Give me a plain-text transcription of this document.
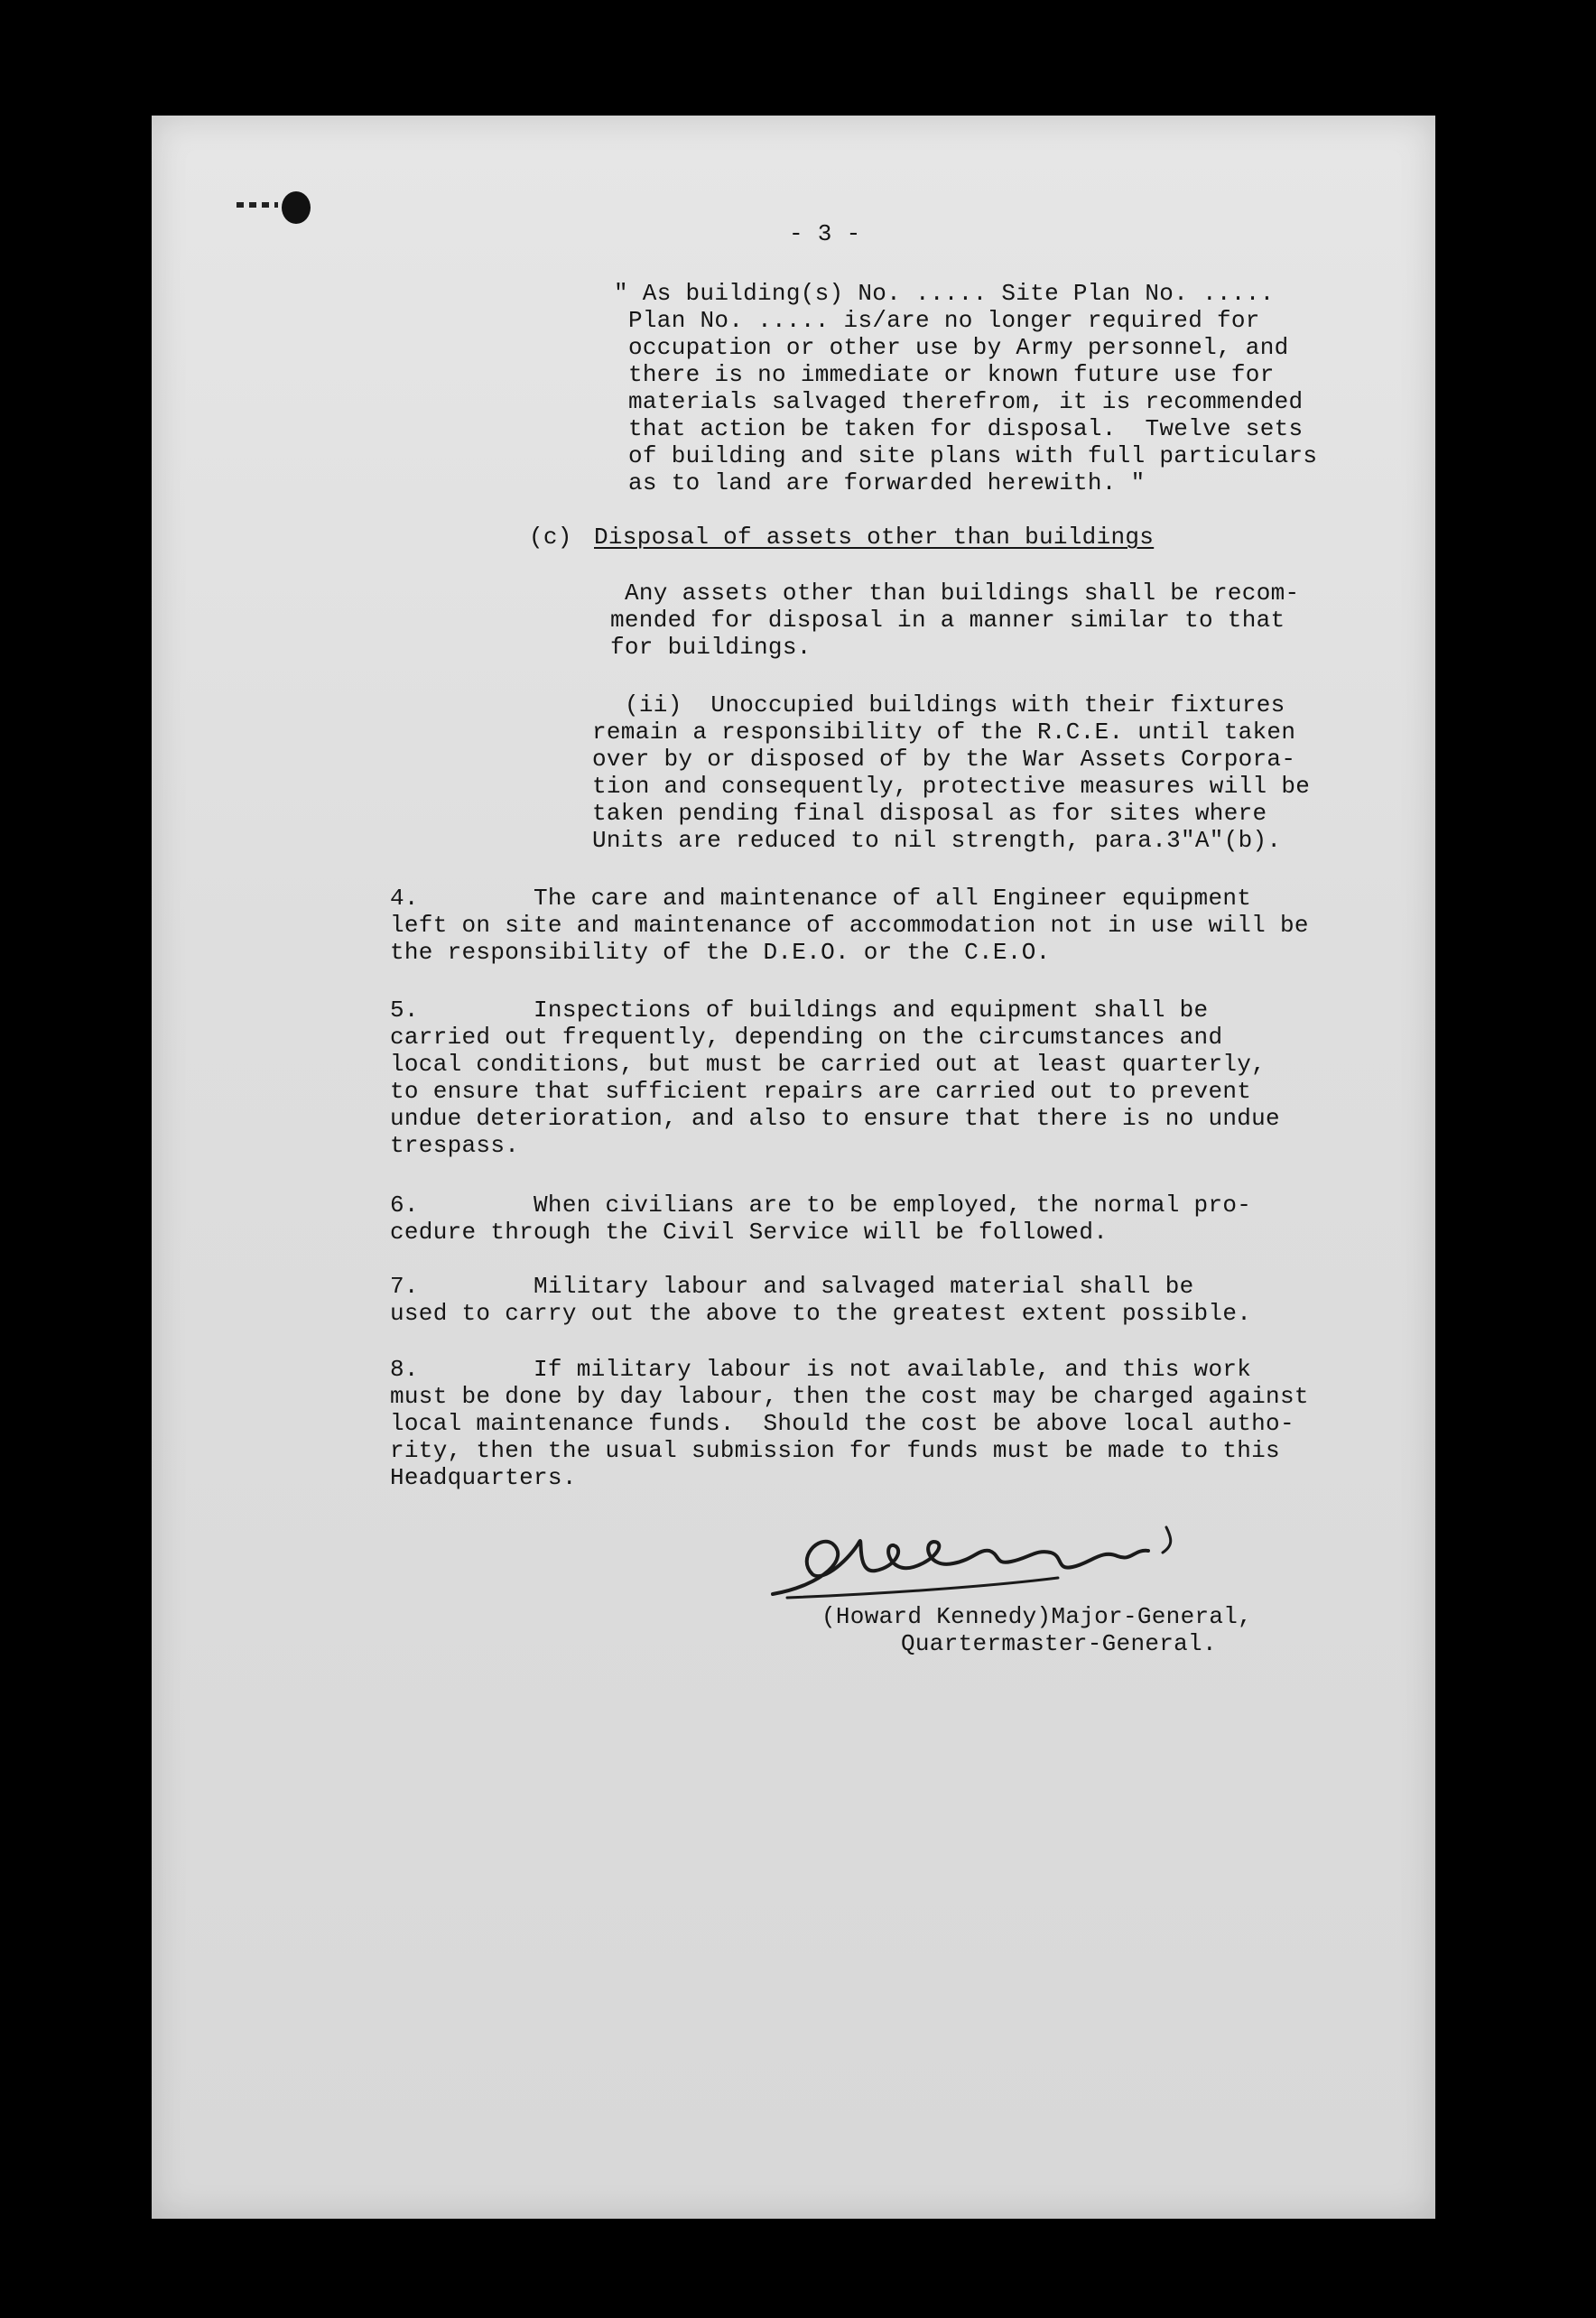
- 3 -

" As building(s) No. ..... Site Plan No. .....

Plan No. ..... is/are no longer required for

occupation or other use by Army personnel, and

there is no immediate or known future use for

materials salvaged therefrom, it is recommended

that action be taken for disposal.  Twelve sets

of building and site plans with full particulars

as to land are forwarded herewith. "

(c) Disposal of assets other than buildings

Any assets other than buildings shall be recom-

mended for disposal in a manner similar to that

for buildings.

(ii)  Unoccupied buildings with their fixtures

remain a responsibility of the R.C.E. until taken

over by or disposed of by the War Assets Corpora-

tion and consequently, protective measures will be

taken pending final disposal as for sites where

Units are reduced to nil strength, para.3"A"(b).

4.        The care and maintenance of all Engineer equipment

left on site and maintenance of accommodation not in use will be

the responsibility of the D.E.O. or the C.E.O.

5.        Inspections of buildings and equipment shall be

carried out frequently, depending on the circumstances and

local conditions, but must be carried out at least quarterly,

to ensure that sufficient repairs are carried out to prevent

undue deterioration, and also to ensure that there is no undue

trespass.

6.        When civilians are to be employed, the normal pro-

cedure through the Civil Service will be followed.

7.        Military labour and salvaged material shall be

used to carry out the above to the greatest extent possible.

8.        If military labour is not available, and this work

must be done by day labour, then the cost may be charged against

local maintenance funds.  Should the cost be above local autho-

rity, then the usual submission for funds must be made to this

Headquarters.

(Howard Kennedy)Major-General,

Quartermaster-General.
